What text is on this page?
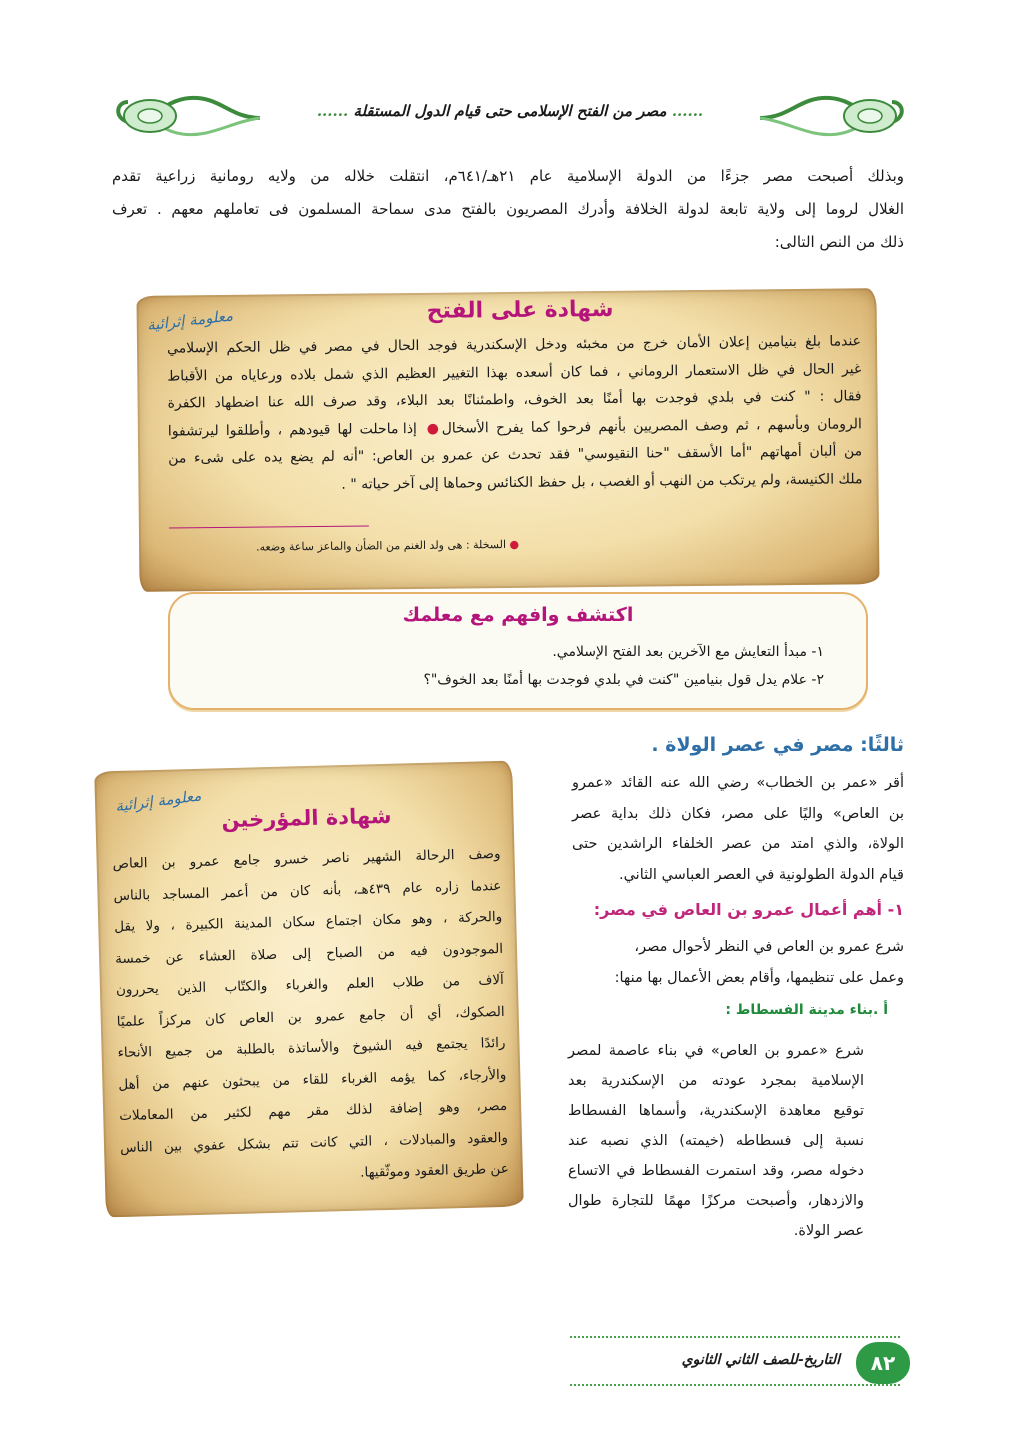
...... مصر من الفتح الإسلامى حتى قيام الدول المستقلة ......
وبذلك أصبحت مصر جزءًا من الدولة الإسلامية عام ٢١هـ/٦٤١م، انتقلت خلاله من ولايه رومانية زراعية تقدم
الغلال لروما إلى ولاية تابعة لدولة الخلافة وأدرك المصريون بالفتح مدى سماحة المسلمون فى تعاملهم معهم . تعرف
ذلك من النص التالى:
معلومة إثرائية	شهادة على الفتح
عندما بلغ بنيامين إعلان الأمان خرج من مخبئه ودخل الإسكندرية فوجد الحال في مصر في ظل الحكم الإسلامي
غير الحال في ظل الاستعمار الروماني ، فما كان أسعده بهذا التغيير العظيم الذي شمل بلاده ورعاياه من الأقباط
فقال : " كنت في بلدي فوجدت بها أمنًا بعد الخوف، واطمئنانًا بعد البلاء، وقد صرف الله عنا اضطهاد الكفرة
الرومان وبأسهم ، ثم وصف المصريين بأنهم فرحوا كما يفرح الأسخال● إذا ماحلت لها قيودهم ، وأطلقوا ليرتشفوا
من ألبان أمهاتهم "أما الأسقف "حنا النقيوسي" فقد تحدث عن عمرو بن العاص: "أنه لم يضع يده على شىء من
ملك الكنيسة، ولم يرتكب من النهب أو الغصب ، بل حفظ الكنائس وحماها إلى آخر حياته " .
● السخلة : هى ولد الغنم من الضأن والماعز ساعة وضعه.
اكتشف وافهم مع معلمك
١- مبدأ التعايش مع الآخرين بعد الفتح الإسلامي.
٢- علام يدل قول بنيامين "كنت في بلدي فوجدت بها أمنًا بعد الخوف"؟
ثالثًا: مصر في عصر الولاة .
أقر «عمر بن الخطاب» رضي الله عنه القائد «عمرو
بن العاص» واليًا على مصر، فكان ذلك بداية عصر
الولاة، والذي امتد من عصر الخلفاء الراشدين حتى
قيام الدولة الطولونية في العصر العباسي الثاني.
١- أهم أعمال عمرو بن العاص في مصر:
شرع عمرو بن العاص في النظر لأحوال مصر،
وعمل على تنظيمها، وأقام بعض الأعمال بها منها:
أ .بناء مدينة الفسطاط :
شرع «عمرو بن العاص» في بناء عاصمة لمصر
الإسلامية بمجرد عودته من الإسكندرية بعد
توقيع معاهدة الإسكندرية، وأسماها الفسطاط
نسبة إلى فسطاطه (خيمته) الذي نصبه عند
دخوله مصر، وقد استمرت الفسطاط في الاتساع
والازدهار، وأصبحت مركزًا مهمًا للتجارة طوال
عصر الولاة.
معلومة إثرائية
شهادة المؤرخين
وصف الرحالة الشهير ناصر خسرو جامع عمرو بن العاص
عندما زاره عام ٤٣٩هـ، بأنه كان من أعمر المساجد بالناس
والحركة ، وهو مكان اجتماع سكان المدينة الكبيرة ، ولا يقل
الموجودون فيه من الصباح إلى صلاة العشاء عن خمسة
آلاف من طلاب العلم والغرباء والكتّاب الذين يحررون
الصكوك، أي أن جامع عمرو بن العاص كان مركزاً علميًا
رائدًا يجتمع فيه الشيوخ والأساتذة بالطلبة من جميع الأنحاء
والأرجاء، كما يؤمه الغرباء للقاء من يبحثون عنهم من أهل
مصر، وهو إضافة لذلك مقر مهم لكثير من المعاملات
والعقود والمبادلات ، التي كانت تتم بشكل عفوي بين الناس
عن طريق العقود وموثّقيها.
التاريخ-للصف الثاني الثانوي	٨٢
